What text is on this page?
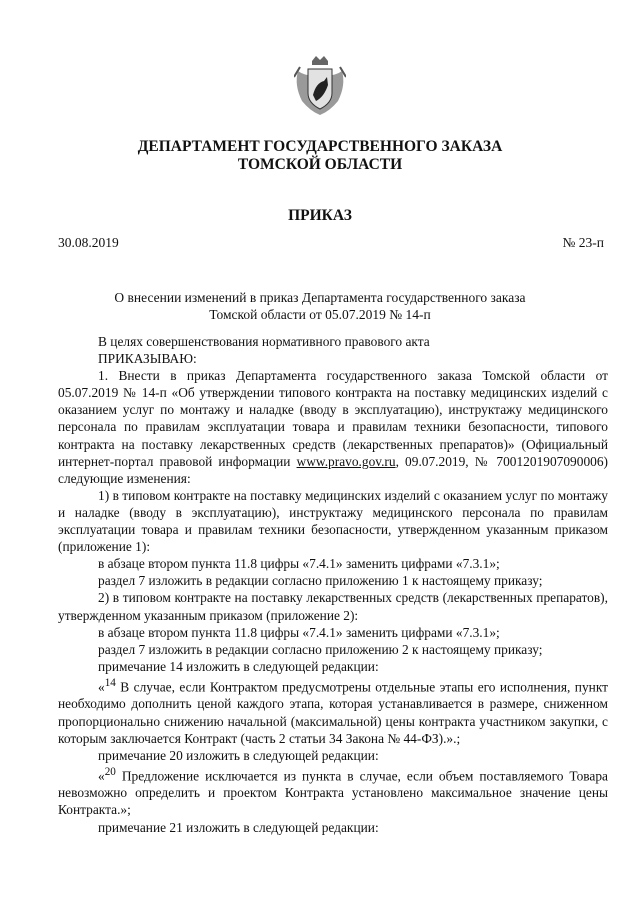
ДЕПАРТАМЕНТ ГОСУДАРСТВЕННОГО ЗАКАЗА
ТОМСКОЙ ОБЛАСТИ
ПРИКАЗ
30.08.2019	№ 23-п
О внесении изменений в приказ Департамента государственного заказа
Томской области от 05.07.2019 № 14-п

В целях совершенствования нормативного правового акта

ПРИКАЗЫВАЮ:

1. Внести в приказ Департамента государственного заказа Томской области от 05.07.2019 № 14-п «Об утверждении типового контракта на поставку медицинских изделий с оказанием услуг по монтажу и наладке (вводу в эксплуатацию), инструктажу медицинского персонала по правилам эксплуатации товара и правилам техники безопасности, типового контракта на поставку лекарственных средств (лекарственных препаратов)» (Официальный интернет-портал правовой информации www.pravo.gov.ru, 09.07.2019, № 7001201907090006) следующие изменения:

1) в типовом контракте на поставку медицинских изделий с оказанием услуг по монтажу и наладке (вводу в эксплуатацию), инструктажу медицинского персонала по правилам эксплуатации товара и правилам техники безопасности, утвержденном указанным приказом (приложение 1):

в абзаце втором пункта 11.8 цифры «7.4.1» заменить цифрами «7.3.1»;

раздел 7 изложить в редакции согласно приложению 1 к настоящему приказу;

2) в типовом контракте на поставку лекарственных средств (лекарственных препаратов), утвержденном указанным приказом (приложение 2):

в абзаце втором пункта 11.8 цифры «7.4.1» заменить цифрами «7.3.1»;

раздел 7 изложить в редакции согласно приложению 2 к настоящему приказу;

примечание 14 изложить в следующей редакции:

«$^{14}$ В случае, если Контрактом предусмотрены отдельные этапы его исполнения, пункт необходимо дополнить ценой каждого этапа, которая устанавливается в размере, сниженном пропорционально снижению начальной (максимальной) цены контракта участником закупки, с которым заключается Контракт (часть 2 статьи 34 Закона № 44-ФЗ).».;

примечание 20 изложить в следующей редакции:

«$^{20}$ Предложение исключается из пункта в случае, если объем поставляемого Товара невозможно определить и проектом Контракта установлено максимальное значение цены Контракта.»;

примечание 21 изложить в следующей редакции:
